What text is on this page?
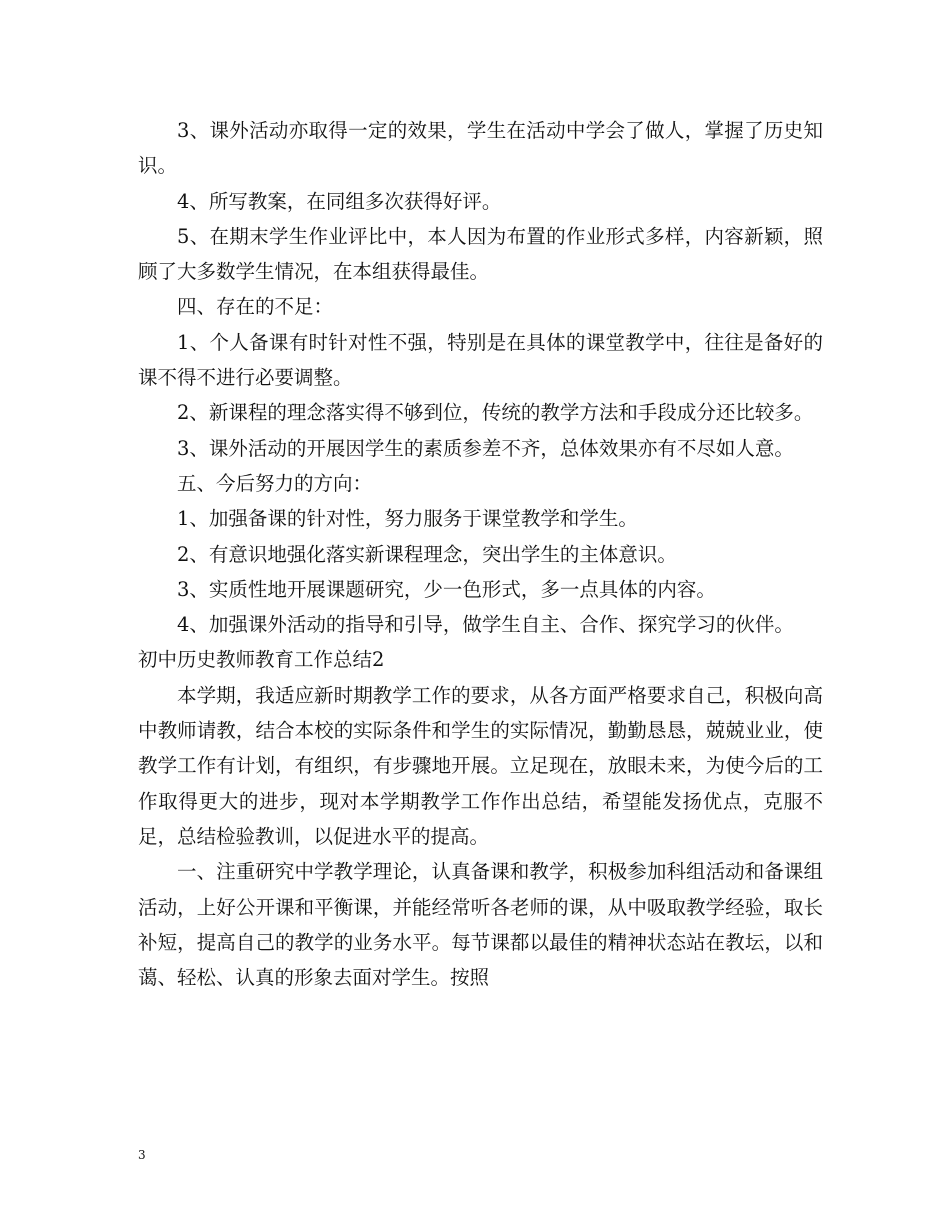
3、课外活动亦取得一定的效果，学生在活动中学会了做人，掌握了历史知识。

4、所写教案，在同组多次获得好评。

5、在期末学生作业评比中，本人因为布置的作业形式多样，内容新颖，照顾了大多数学生情况，在本组获得最佳。

四、存在的不足：

1、个人备课有时针对性不强，特别是在具体的课堂教学中，往往是备好的课不得不进行必要调整。

2、新课程的理念落实得不够到位，传统的教学方法和手段成分还比较多。

3、课外活动的开展因学生的素质参差不齐，总体效果亦有不尽如人意。

五、今后努力的方向：

1、加强备课的针对性，努力服务于课堂教学和学生。

2、有意识地强化落实新课程理念，突出学生的主体意识。

3、实质性地开展课题研究，少一色形式，多一点具体的内容。

4、加强课外活动的指导和引导，做学生自主、合作、探究学习的伙伴。

初中历史教师教育工作总结2

本学期，我适应新时期教学工作的要求，从各方面严格要求自己，积极向高中教师请教，结合本校的实际条件和学生的实际情况，勤勤恳恳，兢兢业业，使教学工作有计划，有组织，有步骤地开展。立足现在，放眼未来，为使今后的工作取得更大的进步，现对本学期教学工作作出总结，希望能发扬优点，克服不足，总结检验教训，以促进水平的提高。

一、注重研究中学教学理论，认真备课和教学，积极参加科组活动和备课组活动，上好公开课和平衡课，并能经常听各老师的课，从中吸取教学经验，取长补短，提高自己的教学的业务水平。每节课都以最佳的精神状态站在教坛，以和蔼、轻松、认真的形象去面对学生。按照

3
